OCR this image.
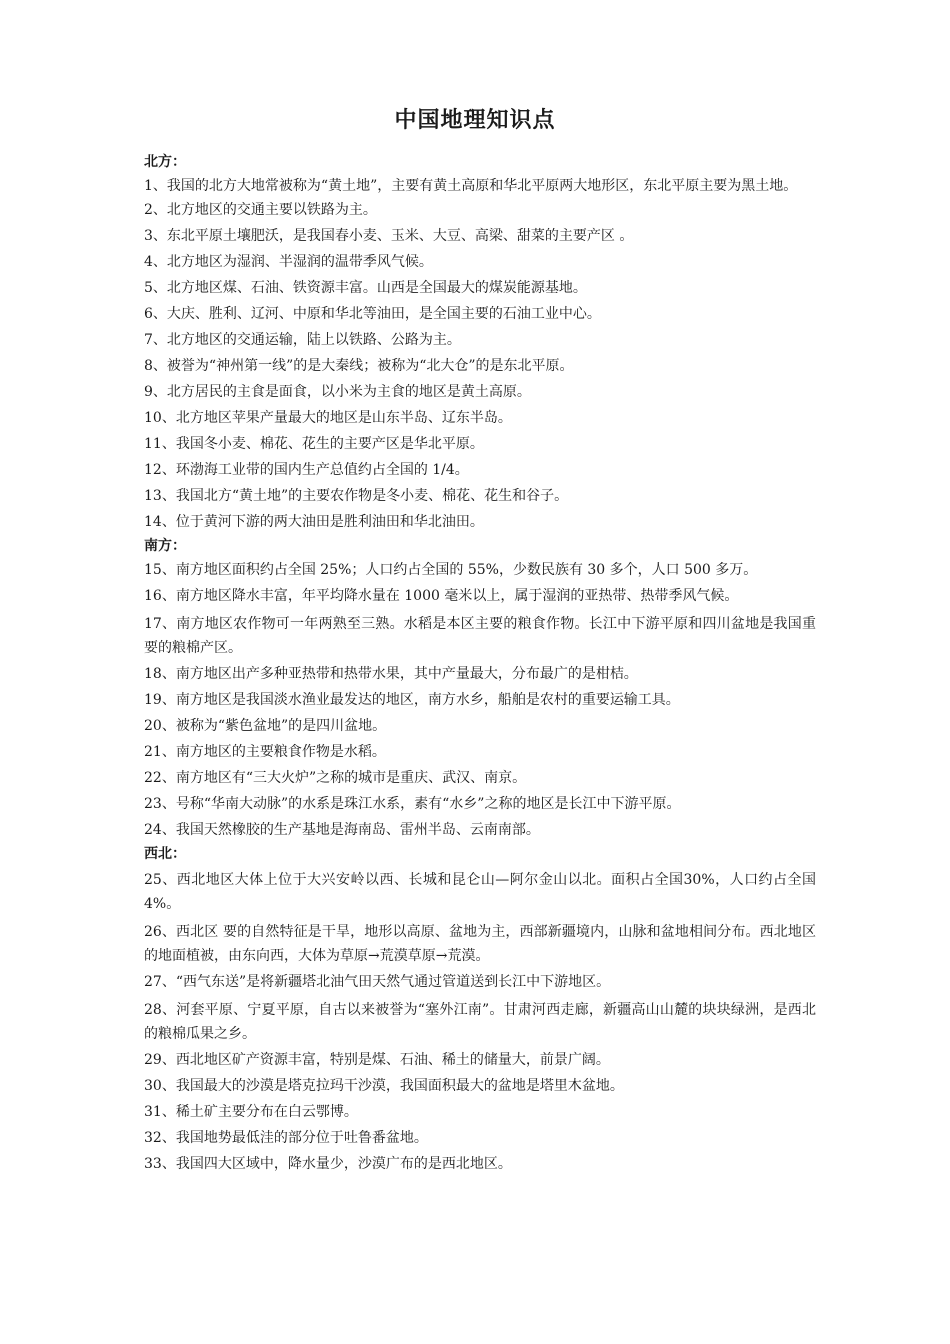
中国地理知识点
北方：
1、我国的北方大地常被称为“黄土地”，主要有黄土高原和华北平原两大地形区，东北平原主要为黑土地。
2、北方地区的交通主要以铁路为主。
3、东北平原土壤肥沃，是我国春小麦、玉米、大豆、高梁、甜菜的主要产区 。
4、北方地区为湿润、半湿润的温带季风气候。
5、北方地区煤、石油、铁资源丰富。山西是全国最大的煤炭能源基地。
6、大庆、胜利、辽河、中原和华北等油田，是全国主要的石油工业中心。
7、北方地区的交通运输，陆上以铁路、公路为主。
8、被誉为“神州第一线”的是大秦线；被称为“北大仓”的是东北平原。
9、北方居民的主食是面食，以小米为主食的地区是黄土高原。
10、北方地区苹果产量最大的地区是山东半岛、辽东半岛。
11、我国冬小麦、棉花、花生的主要产区是华北平原。
12、环渤海工业带的国内生产总值约占全国的 1/4。
13、我国北方“黄土地”的主要农作物是冬小麦、棉花、花生和谷子。
14、位于黄河下游的两大油田是胜利油田和华北油田。
南方：
15、南方地区面积约占全国 25%；人口约占全国的 55%，少数民族有 30 多个，人口 500 多万。
16、南方地区降水丰富，年平均降水量在 1000 毫米以上，属于湿润的亚热带、热带季风气候。
17、南方地区农作物可一年两熟至三熟。水稻是本区主要的粮食作物。长江中下游平原和四川盆地是我国重要的粮棉产区。
18、南方地区出产多种亚热带和热带水果，其中产量最大，分布最广的是柑桔。
19、南方地区是我国淡水渔业最发达的地区，南方水乡，船舶是农村的重要运输工具。
20、被称为“紫色盆地”的是四川盆地。
21、南方地区的主要粮食作物是水稻。
22、南方地区有“三大火炉”之称的城市是重庆、武汉、南京。
23、号称“华南大动脉”的水系是珠江水系，素有“水乡”之称的地区是长江中下游平原。
24、我国天然橡胶的生产基地是海南岛、雷州半岛、云南南部。
西北：
25、西北地区大体上位于大兴安岭以西、长城和昆仑山—阿尔金山以北。面积占全国30%，人口约占全国 4%。
26、西北区 要的自然特征是干旱，地形以高原、盆地为主，西部新疆境内，山脉和盆地相间分布。西北地区的地面植被，由东向西，大体为草原→荒漠草原→荒漠。
27、“西气东送”是将新疆塔北油气田天然气通过管道送到长江中下游地区。
28、河套平原、宁夏平原，自古以来被誉为“塞外江南”。甘肃河西走廊，新疆高山山麓的块块绿洲，是西北的粮棉瓜果之乡。
29、西北地区矿产资源丰富，特别是煤、石油、稀土的储量大，前景广阔。
30、我国最大的沙漠是塔克拉玛干沙漠，我国面积最大的盆地是塔里木盆地。
31、稀土矿主要分布在白云鄂博。
32、我国地势最低洼的部分位于吐鲁番盆地。
33、我国四大区域中，降水量少，沙漠广布的是西北地区。
